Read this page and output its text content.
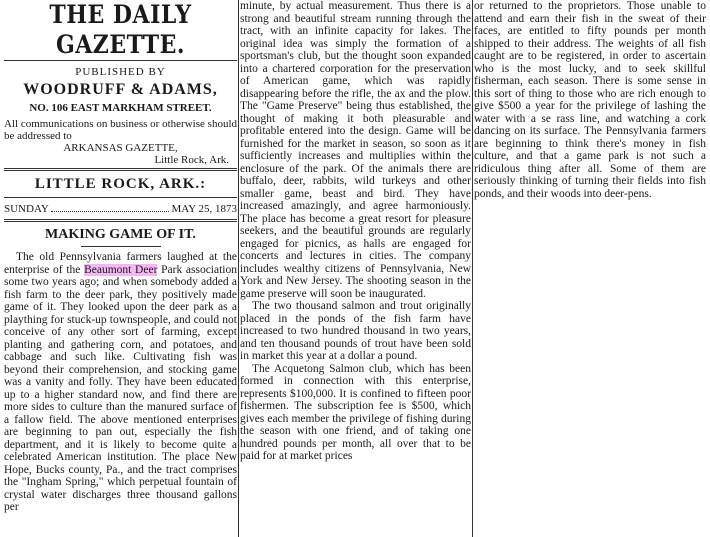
THE DAILY GAZETTE.
PUBLISHED BY
WOODRUFF & ADAMS,
NO. 106 EAST MARKHAM STREET.
All communications on business or otherwise should be addressed to
ARKANSAS GAZETTE,
Little Rock, Ark.
LITTLE ROCK, ARK.:
SUNDAY	MAY 25, 1873
MAKING GAME OF IT.

The old Pennsylvania farmers laughed at the enterprise of the Beaumont Deer Park association some two years ago; and when somebody added a fish farm to the deer park, they positively made game of it. They looked upon the deer park as a plaything for stuck-up townspeople, and could not conceive of any other sort of farming, except planting and gathering corn, and potatoes, and cabbage and such like. Cultivating fish was beyond their comprehension, and stocking game was a vanity and folly. They have been educated up to a higher standard now, and find there are more sides to culture than the manured surface of a fallow field. The above mentioned enterprises are beginning to pan out, especially the fish department, and it is likely to become quite a celebrated American institution. The place New Hope, Bucks county, Pa., and the tract comprises the "Ingham Spring," which perpetual fountain of crystal water discharges three thousand gallons per

minute, by actual measurement. Thus there is a strong and beautiful stream running through the tract, with an infinite capacity for lakes. The original idea was simply the formation of a sportsman's club, but the thought soon expanded into a chartered corporation for the preservation of American game, which was rapidly disappearing before the rifle, the ax and the plow. The "Game Preserve" being thus established, the thought of making it both pleasurable and profitable entered into the design. Game will be furnished for the market in season, so soon as it sufficiently increases and multiplies within the enclosure of the park. Of the animals there are buffalo, deer, rabbits, wild turkeys and other smaller game, beast and bird. They have increased amazingly, and agree harmoniously. The place has become a great resort for pleasure seekers, and the beautiful grounds are regularly engaged for picnics, as halls are engaged for concerts and lectures in cities. The company includes wealthy citizens of Pennsylvania, New York and New Jersey. The shooting season in the game preserve will soon be inaugurated.

The two thousand salmon and trout originally placed in the ponds of the fish farm have increased to two hundred thousand in two years, and ten thousand pounds of trout have been sold in market this year at a dollar a pound.

The Acquetong Salmon club, which has been formed in connection with this enterprise, represents $100,000. It is confined to fifteen poor fishermen. The subscription fee is $500, which gives each member the privilege of fishing during the season with one friend, and of taking one hundred pounds per month, all over that to be paid for at market prices

or returned to the proprietors. Those unable to attend and earn their fish in the sweat of their faces, are entitled to fifty pounds per month shipped to their address. The weights of all fish caught are to be registered, in order to ascertain who is the most lucky, and to seek skillful fisherman, each season. There is some sense in this sort of thing to those who are rich enough to give $500 a year for the privilege of lashing the water with a se rass line, and watching a cork dancing on its surface. The Pennsylvania farmers are beginning to think there's money in fish culture, and that a game park is not such a ridiculous thing after all. Some of them are seriously thinking of turning their fields into fish ponds, and their woods into deer-pens.
